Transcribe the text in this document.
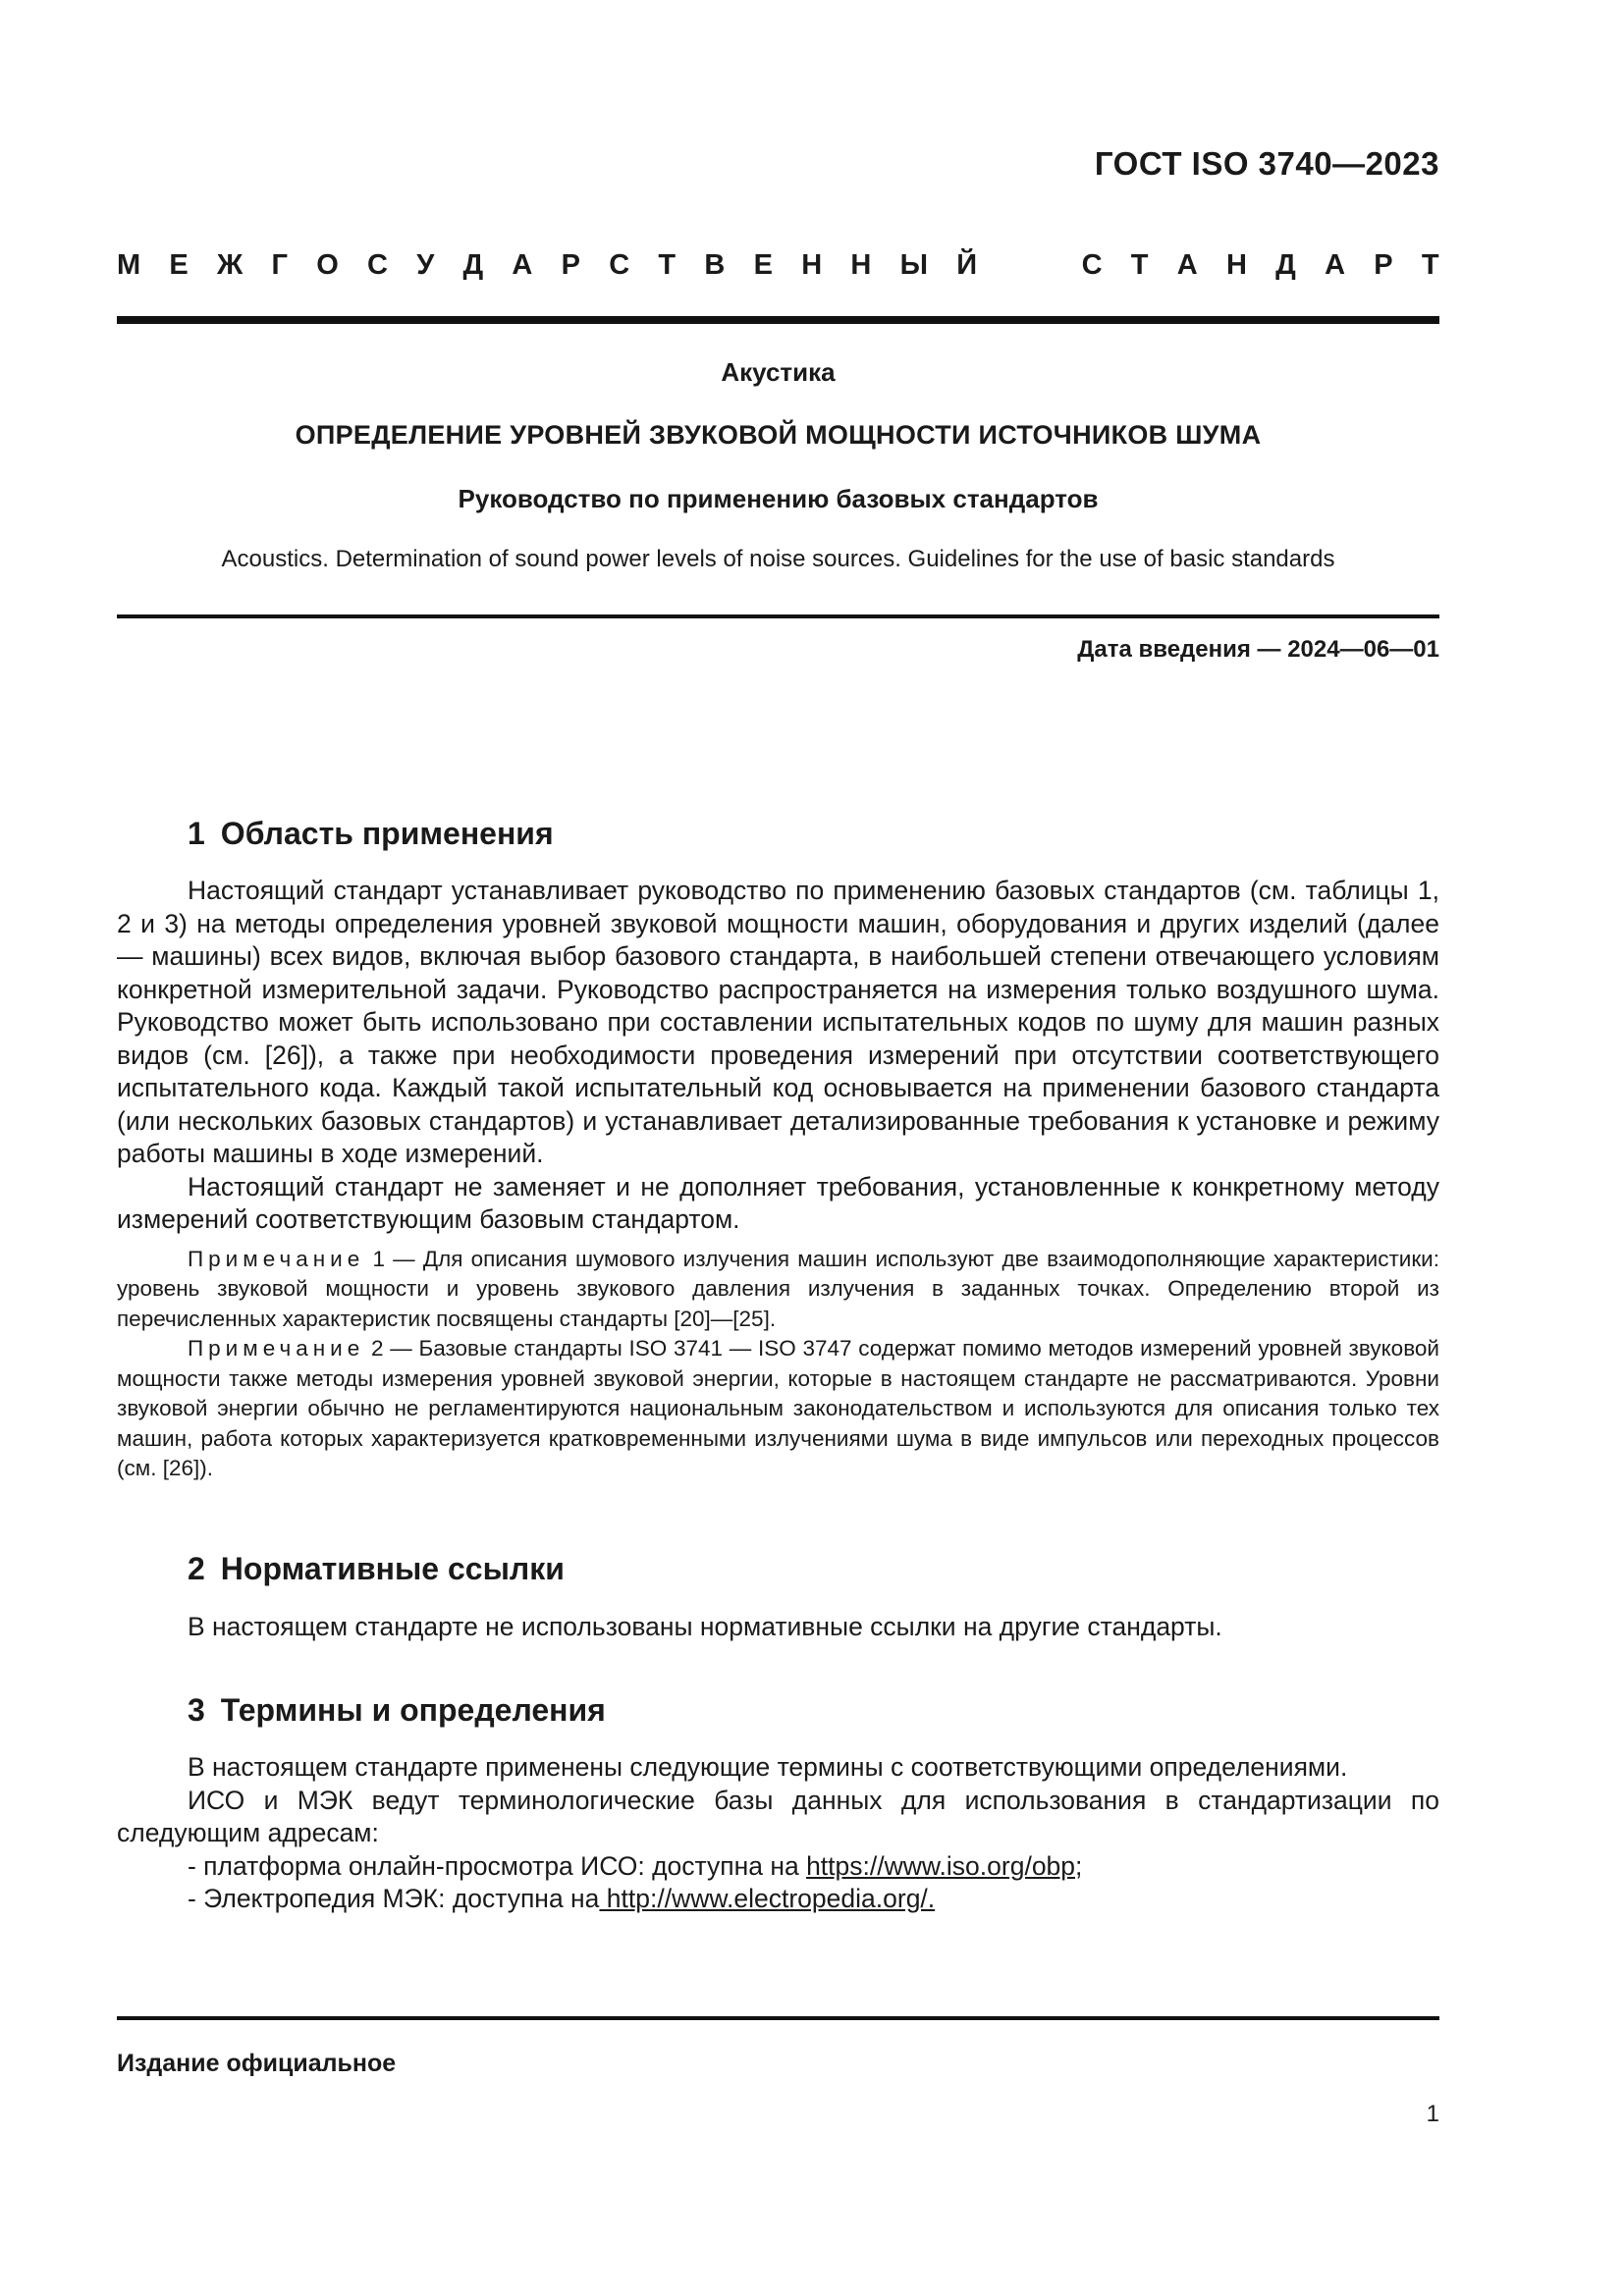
ГОСТ ISO 3740—2023
М Е Ж Г О С У Д А Р С Т В Е Н Н Ы Й	С Т А Н Д А Р Т
Акустика
ОПРЕДЕЛЕНИЕ УРОВНЕЙ ЗВУКОВОЙ МОЩНОСТИ ИСТОЧНИКОВ ШУМА
Руководство по применению базовых стандартов
Acoustics. Determination of sound power levels of noise sources. Guidelines for the use of basic standards
Дата введения — 2024—06—01
1 Область применения

Настоящий стандарт устанавливает руководство по применению базовых стандартов (см. таблицы 1, 2 и 3) на методы определения уровней звуковой мощности машин, оборудования и других изделий (далее — машины) всех видов, включая выбор базового стандарта, в наибольшей степени отвечающего условиям конкретной измерительной задачи. Руководство распространяется на измерения только воздушного шума. Руководство может быть использовано при составлении испытательных кодов по шуму для машин разных видов (см. [26]), а также при необходимости проведения измерений при отсутствии соответствующего испытательного кода. Каждый такой испытательный код основывается на применении базового стандарта (или нескольких базовых стандартов) и устанавливает детализированные требования к установке и режиму работы машины в ходе измерений.

Настоящий стандарт не заменяет и не дополняет требования, установленные к конкретному методу измерений соответствующим базовым стандартом.

Примечание 1 — Для описания шумового излучения машин используют две взаимодополняющие характеристики: уровень звуковой мощности и уровень звукового давления излучения в заданных точках. Определению второй из перечисленных характеристик посвящены стандарты [20]—[25].

Примечание 2 — Базовые стандарты ISO 3741 — ISO 3747 содержат помимо методов измерений уровней звуковой мощности также методы измерения уровней звуковой энергии, которые в настоящем стандарте не рассматриваются. Уровни звуковой энергии обычно не регламентируются национальным законодательством и используются для описания только тех машин, работа которых характеризуется кратковременными излучениями шума в виде импульсов или переходных процессов (см. [26]).

2 Нормативные ссылки

В настоящем стандарте не использованы нормативные ссылки на другие стандарты.

3 Термины и определения

В настоящем стандарте применены следующие термины с соответствующими определениями.

ИСО и МЭК ведут терминологические базы данных для использования в стандартизации по следующим адресам:

- платформа онлайн-просмотра ИСО: доступна на https://www.iso.org/obp;

- Электропедия МЭК: доступна на http://www.electropedia.org/.

Издание официальное
1
